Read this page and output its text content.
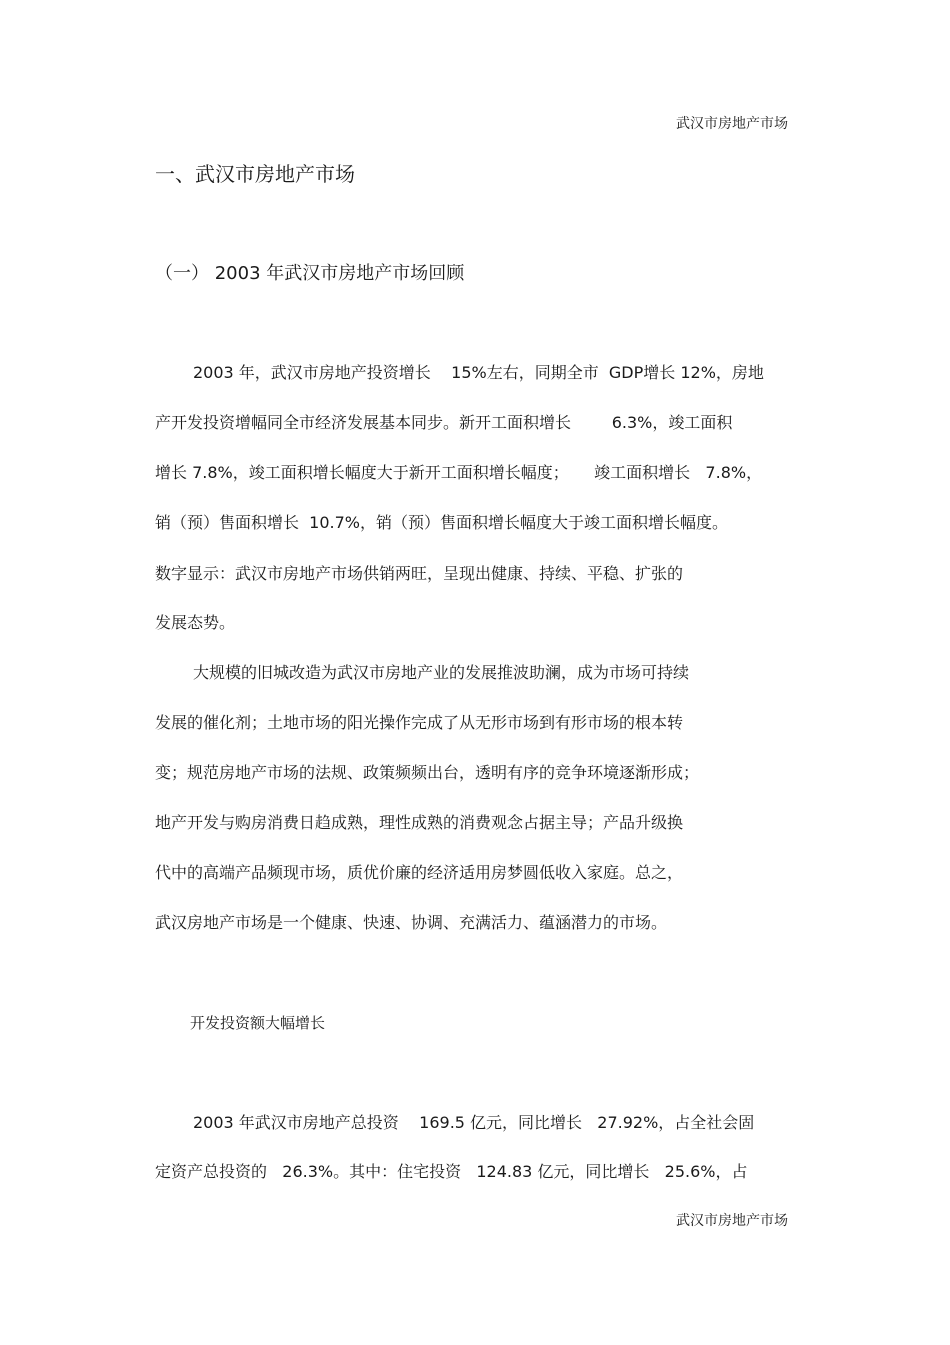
武汉市房地产市场
一、武汉市房地产市场
（一） 2003 年武汉市房地产市场回顾
2003 年，武汉市房地产投资增长    15%左右，同期全市  GDP增长 12%，房地
产开发投资增幅同全市经济发展基本同步。新开工面积增长        6.3%，竣工面积
增长 7.8%，竣工面积增长幅度大于新开工面积增长幅度；     竣工面积增长   7.8%，
销（预）售面积增长  10.7%，销（预）售面积增长幅度大于竣工面积增长幅度。
数字显示：武汉市房地产市场供销两旺，呈现出健康、持续、平稳、扩张的
发展态势。
大规模的旧城改造为武汉市房地产业的发展推波助澜，成为市场可持续
发展的催化剂；土地市场的阳光操作完成了从无形市场到有形市场的根本转
变；规范房地产市场的法规、政策频频出台，透明有序的竞争环境逐渐形成；
地产开发与购房消费日趋成熟，理性成熟的消费观念占据主导；产品升级换
代中的高端产品频现市场，质优价廉的经济适用房梦圆低收入家庭。总之，
武汉房地产市场是一个健康、快速、协调、充满活力、蕴涵潜力的市场。
开发投资额大幅增长
2003 年武汉市房地产总投资    169.5 亿元，同比增长   27.92%，占全社会固
定资产总投资的   26.3%。其中：住宅投资   124.83 亿元，同比增长   25.6%，占
武汉市房地产市场
